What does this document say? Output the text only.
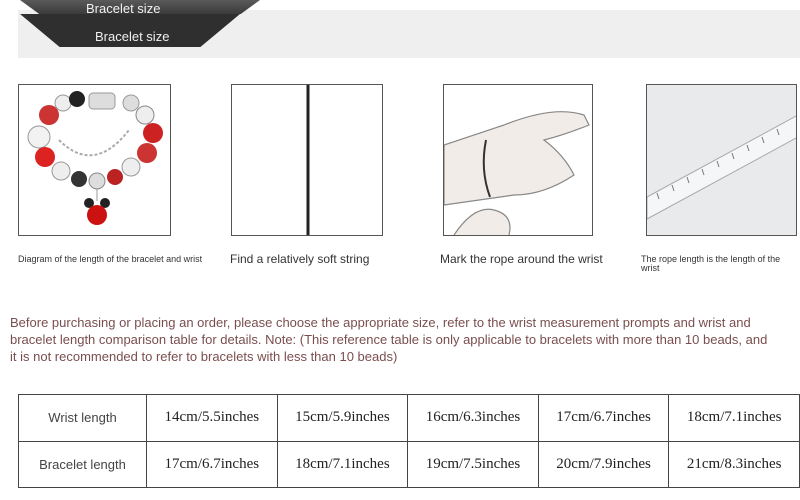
Bracelet size
Bracelet size
Diagram of the length of the bracelet and wrist	Find a relatively soft string	Mark the rope around the wrist	The rope length is the length of the wrist

Before purchasing or placing an order, please choose the appropriate size, refer to the wrist measurement prompts and wrist and bracelet length comparison table for details. Note: (This reference table is only applicable to bracelets with more than 10 beads, and it is not recommended to refer to bracelets with less than 10 beads)

Wrist length	14cm/5.5inches	15cm/5.9inches	16cm/6.3inches	17cm/6.7inches	18cm/7.1inches
Bracelet length	17cm/6.7inches	18cm/7.1inches	19cm/7.5inches	20cm/7.9inches	21cm/8.3inches
